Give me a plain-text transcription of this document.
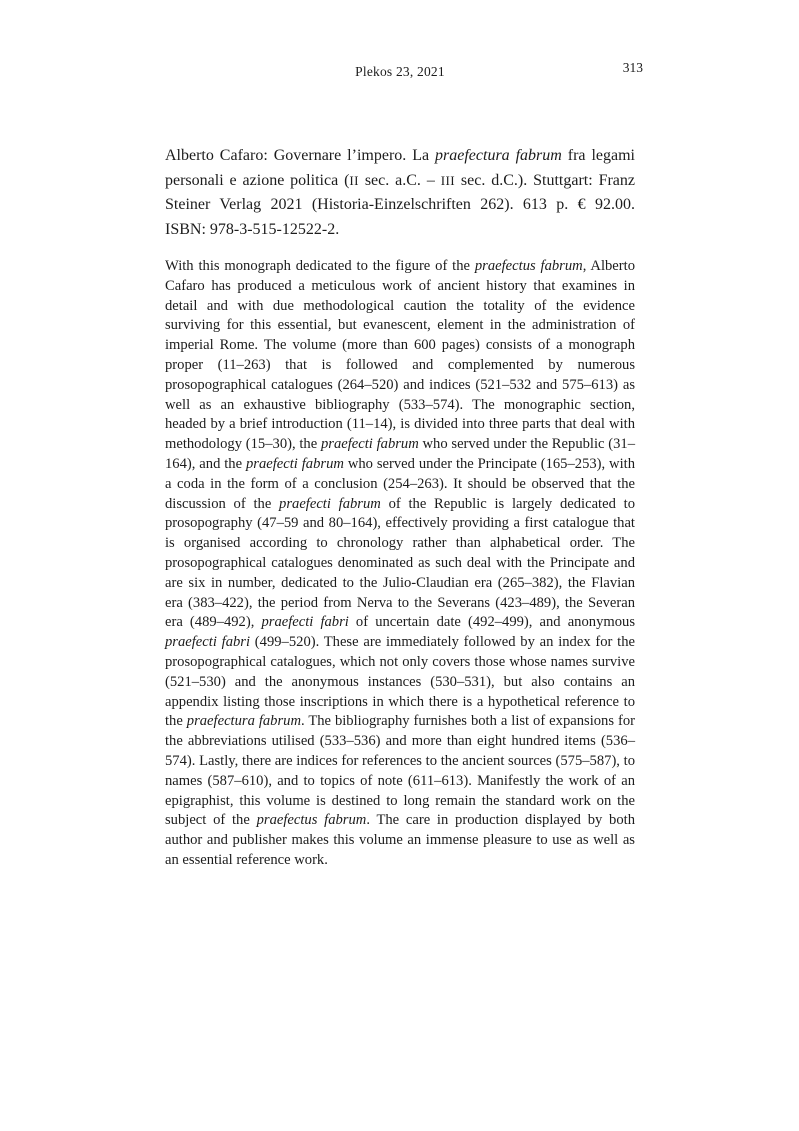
Plekos 23, 2021	313
Alberto Cafaro: Governare l’impero. La praefectura fabrum fra legami personali e azione politica (II sec. a.C. – III sec. d.C.). Stuttgart: Franz Steiner Verlag 2021 (Historia-Einzelschriften 262). 613 p. € 92.00. ISBN: 978-3-515-12522-2.
With this monograph dedicated to the figure of the praefectus fabrum, Alberto Cafaro has produced a meticulous work of ancient history that examines in detail and with due methodological caution the totality of the evidence surviving for this essential, but evanescent, element in the administration of imperial Rome. The volume (more than 600 pages) consists of a monograph proper (11–263) that is followed and complemented by numerous prosopographical catalogues (264–520) and indices (521–532 and 575–613) as well as an exhaustive bibliography (533–574). The monographic section, headed by a brief introduction (11–14), is divided into three parts that deal with methodology (15–30), the praefecti fabrum who served under the Republic (31–164), and the praefecti fabrum who served under the Principate (165–253), with a coda in the form of a conclusion (254–263). It should be observed that the discussion of the praefecti fabrum of the Republic is largely dedicated to prosopography (47–59 and 80–164), effectively providing a first catalogue that is organised according to chronology rather than alphabetical order. The prosopographical catalogues denominated as such deal with the Principate and are six in number, dedicated to the Julio-Claudian era (265–382), the Flavian era (383–422), the period from Nerva to the Severans (423–489), the Severan era (489–492), praefecti fabri of uncertain date (492–499), and anonymous praefecti fabri (499–520). These are immediately followed by an index for the prosopographical catalogues, which not only covers those whose names survive (521–530) and the anonymous instances (530–531), but also contains an appendix listing those inscriptions in which there is a hypothetical reference to the praefectura fabrum. The bibliography furnishes both a list of expansions for the abbreviations utilised (533–536) and more than eight hundred items (536–574). Lastly, there are indices for references to the ancient sources (575–587), to names (587–610), and to topics of note (611–613). Manifestly the work of an epigraphist, this volume is destined to long remain the standard work on the subject of the praefectus fabrum. The care in production displayed by both author and publisher makes this volume an immense pleasure to use as well as an essential reference work.
